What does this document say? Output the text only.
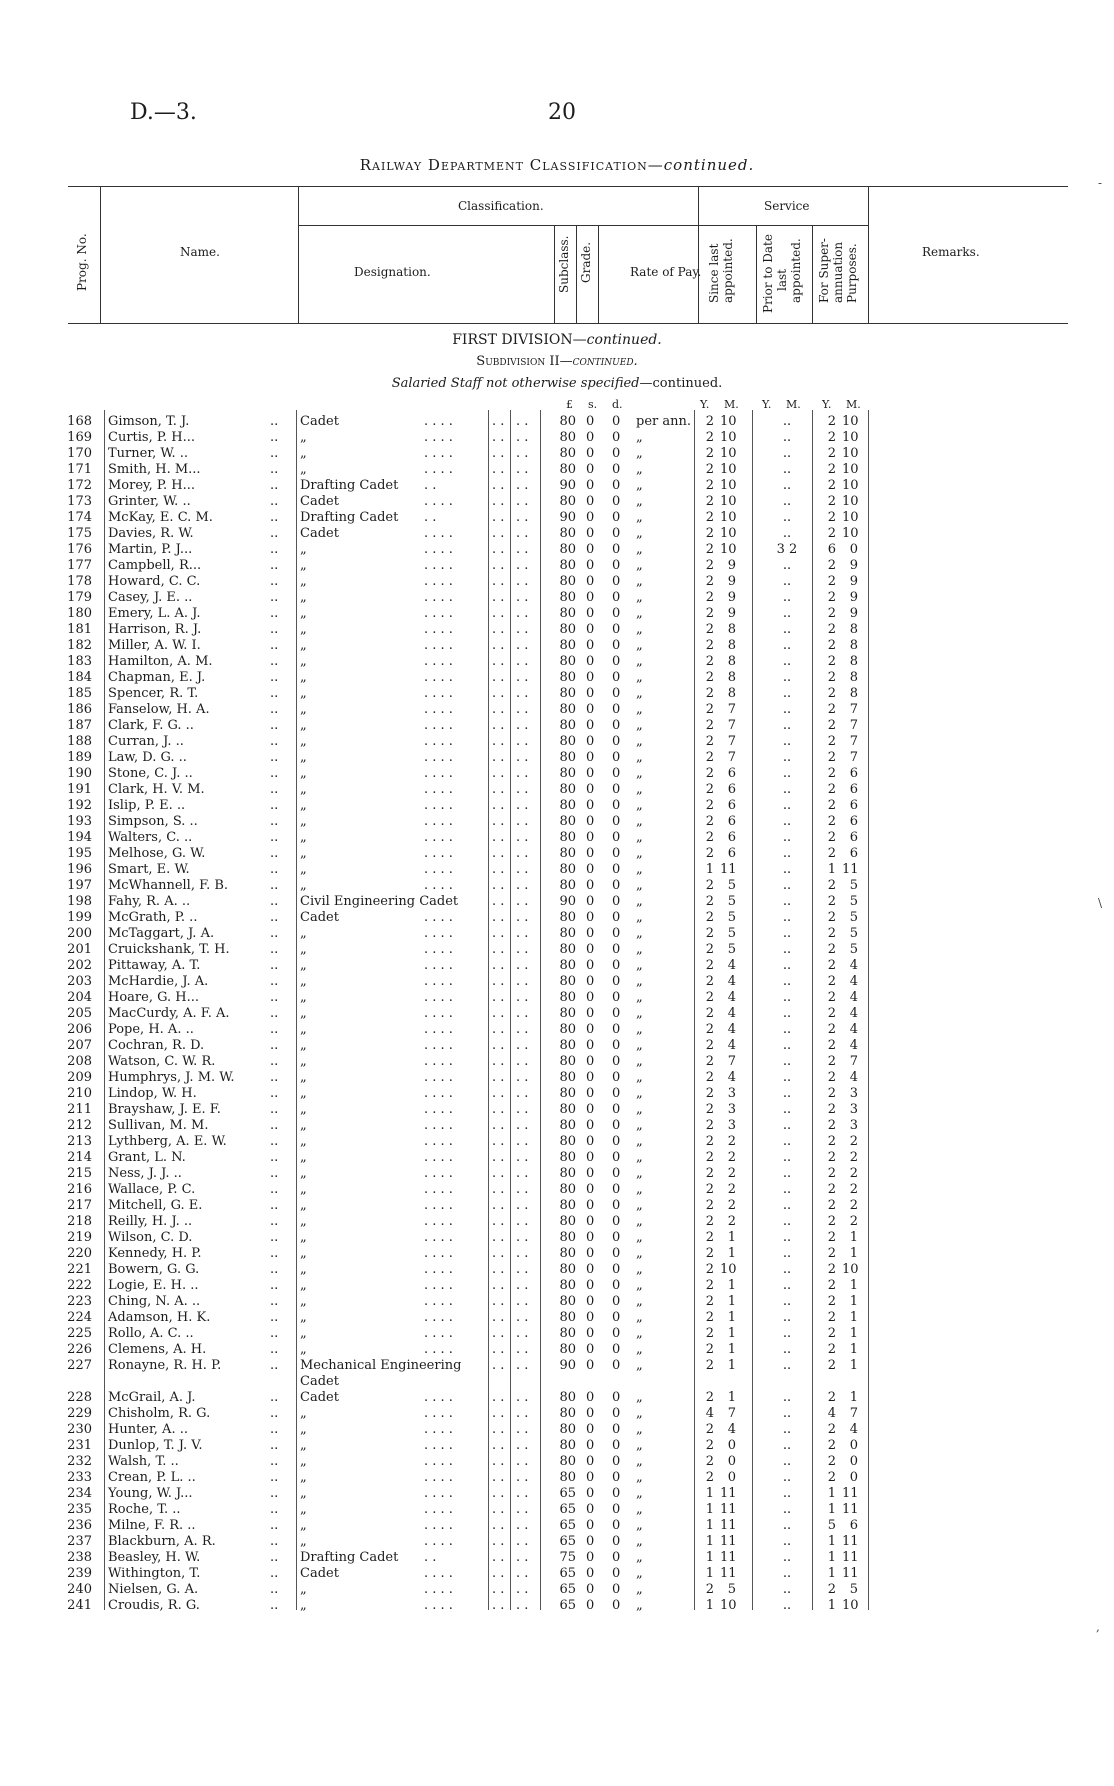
D.—3.	20
Railway Department Classification—continued.
Prog. No.	Name.
Classification.
Designation.	Subclass. Grade.	Rate of Pay.
Service
Since last appointed. Prior to Date last appointed. For Super- annuation Purposes.	Remarks.
FIRST DIVISION—continued.
Subdivision II—continued.
Salaried Staff not otherwise specified—continued.
£ s. d.	Y. M. Y. M. Y. M.
168 Gimson, T. J.	.. Cadet	. . . .	. . . .	80 0 0 per ann.	2 10	..	2 10
169 Curtis, P. H...	.. „	. . . .	. . . .	80 0 0 „	2 10	..	2 10
170 Turner, W. ..	.. „	. . . .	. . . .	80 0 0 „	2 10	..	2 10
171 Smith, H. M...	.. „	. . . .	. . . .	80 0 0 „	2 10	..	2 10
172 Morey, P. H...	.. Drafting Cadet . .	. . . .	90 0 0 „	2 10	..	2 10
173 Grinter, W. ..	.. Cadet	. . . .	. . . .	80 0 0 „	2 10	..	2 10
174 McKay, E. C. M.	.. Drafting Cadet . .	. . . .	90 0 0 „	2 10	..	2 10
175 Davies, R. W.	.. Cadet	. . . .	. . . .	80 0 0 „	2 10	..	2 10
176 Martin, P. J...	.. „	. . . .	. . . .	80 0 0 „	2 10	3 2	6	0
177 Campbell, R...	.. „	. . . .	. . . .	80 0 0 „	2	9	..	2	9
178 Howard, C. C.	.. „	. . . .	. . . .	80 0 0 „	2	9	..	2	9
179 Casey, J. E. ..	.. „	. . . .	. . . .	80 0 0 „	2	9	..	2	9
180 Emery, L. A. J.	.. „	. . . .	. . . .	80 0 0 „	2	9	..	2	9
181 Harrison, R. J.	.. „	. . . .	. . . .	80 0 0 „	2	8	..	2	8
182 Miller, A. W. I.	.. „	. . . .	. . . .	80 0 0 „	2	8	..	2	8
183 Hamilton, A. M.	.. „	. . . .	. . . .	80 0 0 „	2	8	..	2	8
184 Chapman, E. J.	.. „	. . . .	. . . .	80 0 0 „	2	8	..	2	8
185 Spencer, R. T.	.. „	. . . .	. . . .	80 0 0 „	2	8	..	2	8
186 Fanselow, H. A.	.. „	. . . .	. . . .	80 0 0 „	2	7	..	2	7
187 Clark, F. G. ..	.. „	. . . .	. . . .	80 0 0 „	2	7	..	2	7
188 Curran, J. ..	.. „	. . . .	. . . .	80 0 0 „	2	7	..	2	7
189 Law, D. G. ..	.. „	. . . .	. . . .	80 0 0 „	2	7	..	2	7
190 Stone, C. J. ..	.. „	. . . .	. . . .	80 0 0 „	2	6	..	2	6
191 Clark, H. V. M.	.. „	. . . .	. . . .	80 0 0 „	2	6	..	2	6
192 Islip, P. E. ..	.. „	. . . .	. . . .	80 0 0 „	2	6	..	2	6
193 Simpson, S. ..	.. „	. . . .	. . . .	80 0 0 „	2	6	..	2	6
194 Walters, C. ..	.. „	. . . .	. . . .	80 0 0 „	2	6	..	2	6
195 Melhose, G. W.	.. „	. . . .	. . . .	80 0 0 „	2	6	..	2	6
196 Smart, E. W.	.. „	. . . .	. . . .	80 0 0 „	1 11	..	1 11
197 McWhannell, F. B.	.. „	. . . .	. . . .	80 0 0 „	2	5	..	2	5
198 Fahy, R. A. ..	.. Civil Engineering Cadet	. . . .	90 0 0 „	2	5	..	2	5
199 McGrath, P. ..	.. Cadet	. . . .	. . . .	80 0 0 „	2	5	..	2	5
200 McTaggart, J. A.	.. „	. . . .	. . . .	80 0 0 „	2	5	..	2	5
201 Cruickshank, T. H.	.. „	. . . .	. . . .	80 0 0 „	2	5	..	2	5
202 Pittaway, A. T.	.. „	. . . .	. . . .	80 0 0 „	2	4	..	2	4
203 McHardie, J. A.	.. „	. . . .	. . . .	80 0 0 „	2	4	..	2	4
204 Hoare, G. H...	.. „	. . . .	. . . .	80 0 0 „	2	4	..	2	4
205 MacCurdy, A. F. A.	.. „	. . . .	. . . .	80 0 0 „	2	4	..	2	4
206 Pope, H. A. ..	.. „	. . . .	. . . .	80 0 0 „	2	4	..	2	4
207 Cochran, R. D.	.. „	. . . .	. . . .	80 0 0 „	2	4	..	2	4
208 Watson, C. W. R.	.. „	. . . .	. . . .	80 0 0 „	2	7	..	2	7
209 Humphrys, J. M. W.	.. „	. . . .	. . . .	80 0 0 „	2	4	..	2	4
210 Lindop, W. H.	.. „	. . . .	. . . .	80 0 0 „	2	3	..	2	3
211 Brayshaw, J. E. F.	.. „	. . . .	. . . .	80 0 0 „	2	3	..	2	3
212 Sullivan, M. M.	.. „	. . . .	. . . .	80 0 0 „	2	3	..	2	3
213 Lythberg, A. E. W.	.. „	. . . .	. . . .	80 0 0 „	2	2	..	2	2
214 Grant, L. N.	.. „	. . . .	. . . .	80 0 0 „	2	2	..	2	2
215 Ness, J. J. ..	.. „	. . . .	. . . .	80 0 0 „	2	2	..	2	2
216 Wallace, P. C.	.. „	. . . .	. . . .	80 0 0 „	2	2	..	2	2
217 Mitchell, G. E.	.. „	. . . .	. . . .	80 0 0 „	2	2	..	2	2
218 Reilly, H. J. ..	.. „	. . . .	. . . .	80 0 0 „	2	2	..	2	2
219 Wilson, C. D.	.. „	. . . .	. . . .	80 0 0 „	2	1	..	2	1
220 Kennedy, H. P.	.. „	. . . .	. . . .	80 0 0 „	2	1	..	2	1
221 Bowern, G. G.	.. „	. . . .	. . . .	80 0 0 „	2 10	..	2 10
222 Logie, E. H. ..	.. „	. . . .	. . . .	80 0 0 „	2	1	..	2	1
223 Ching, N. A. ..	.. „	. . . .	. . . .	80 0 0 „	2	1	..	2	1
224 Adamson, H. K.	.. „	. . . .	. . . .	80 0 0 „	2	1	..	2	1
225 Rollo, A. C. ..	.. „	. . . .	. . . .	80 0 0 „	2	1	..	2	1
226 Clemens, A. H.	.. „	. . . .	. . . .	80 0 0 „	2	1	..	2	1
227 Ronayne, R. H. P.	.. Mechanical Engineering . . . .	90 0 0 „	2	1	..	2	1
Cadet
228 McGrail, A. J.	.. Cadet	. . . .	. . . .	80 0 0 „	2	1	..	2	1
229 Chisholm, R. G.	.. „	. . . .	. . . .	80 0 0 „	4	7	..	4	7
230 Hunter, A. ..	.. „	. . . .	. . . .	80 0 0 „	2	4	..	2	4
231 Dunlop, T. J. V.	.. „	. . . .	. . . .	80 0 0 „	2	0	..	2	0
232 Walsh, T. ..	.. „	. . . .	. . . .	80 0 0 „	2	0	..	2	0
233 Crean, P. L. ..	.. „	. . . .	. . . .	80 0 0 „	2	0	..	2	0
234 Young, W. J...	.. „	. . . .	. . . .	65 0 0 „	1 11	..	1 11
235 Roche, T. ..	.. „	. . . .	. . . .	65 0 0 „	1 11	..	1 11
236 Milne, F. R. ..	.. „	. . . .	. . . .	65 0 0 „	1 11	..	5	6
237 Blackburn, A. R.	.. „	. . . .	. . . .	65 0 0 „	1 11	..	1 11
238 Beasley, H. W.	.. Drafting Cadet . .	. . . .	75 0 0 „	1 11	..	1 11
239 Withington, T.	.. Cadet	. . . .	. . . .	65 0 0 „	1 11	..	1 11
240 Nielsen, G. A.	.. „	. . . .	. . . .	65 0 0 „	2	5	..	2	5
241 Croudis, R. G.	.. „	. . . .	. . . .	65 0 0 „	1 10	..	1 10
-
\
,
